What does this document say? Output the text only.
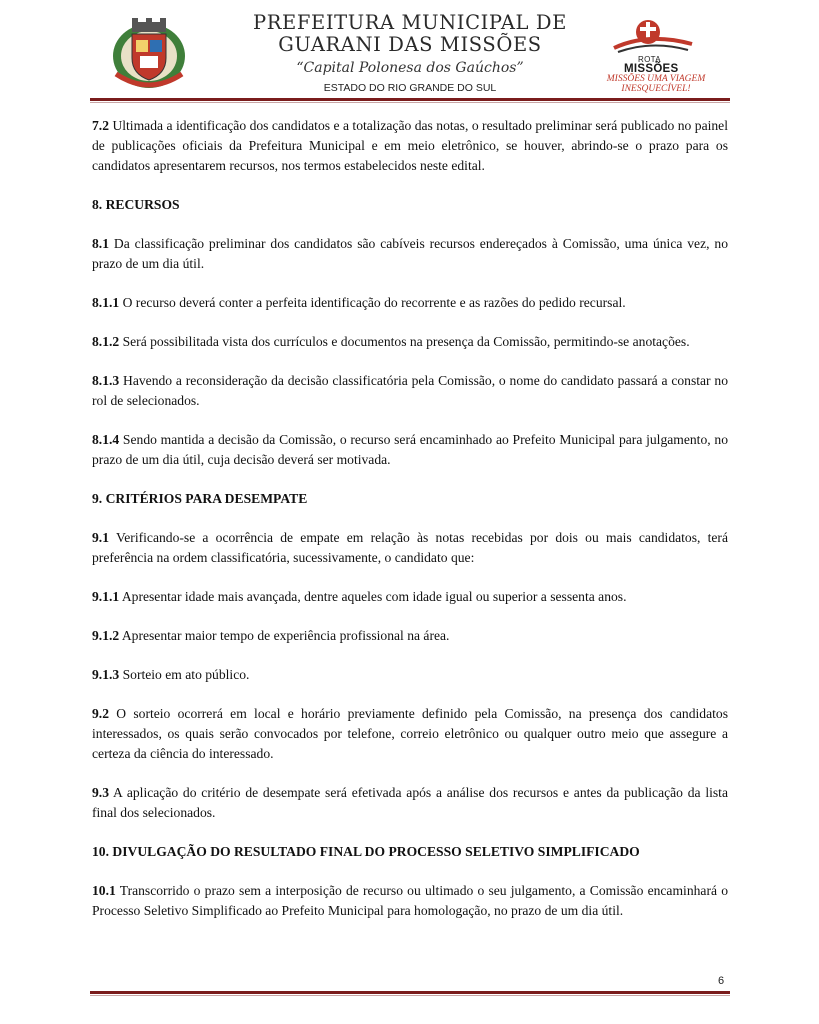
PREFEITURA MUNICIPAL DE
GUARANI DAS MISSÕES
“Capital Polonesa dos Gaúchos”
ESTADO DO RIO GRANDE DO SUL
ROTA
MISSÕES
MISSÕES UMA VIAGEM
INESQUECÍVEL!

7.2 Ultimada a identificação dos candidatos e a totalização das notas, o resultado preliminar será publicado no painel de publicações oficiais da Prefeitura Municipal e em meio eletrônico, se houver, abrindo-se o prazo para os candidatos apresentarem recursos, nos termos estabelecidos neste edital.

8. RECURSOS

8.1 Da classificação preliminar dos candidatos são cabíveis recursos endereçados à Comissão, uma única vez, no prazo de um dia útil.

8.1.1 O recurso deverá conter a perfeita identificação do recorrente e as razões do pedido recursal.

8.1.2 Será possibilitada vista dos currículos e documentos na presença da Comissão, permitindo-se anotações.

8.1.3 Havendo a reconsideração da decisão classificatória pela Comissão, o nome do candidato passará a constar no rol de selecionados.

8.1.4 Sendo mantida a decisão da Comissão, o recurso será encaminhado ao Prefeito Municipal para julgamento, no prazo de um dia útil, cuja decisão deverá ser motivada.

9. CRITÉRIOS PARA DESEMPATE

9.1 Verificando-se a ocorrência de empate em relação às notas recebidas por dois ou mais candidatos, terá preferência na ordem classificatória, sucessivamente, o candidato que:

9.1.1 Apresentar idade mais avançada, dentre aqueles com idade igual ou superior a sessenta anos.

9.1.2 Apresentar maior tempo de experiência profissional na área.

9.1.3 Sorteio em ato público.

9.2 O sorteio ocorrerá em local e horário previamente definido pela Comissão, na presença dos candidatos interessados, os quais serão convocados por telefone, correio eletrônico ou qualquer outro meio que assegure a certeza da ciência do interessado.

9.3 A aplicação do critério de desempate será efetivada após a análise dos recursos e antes da publicação da lista final dos selecionados.

10. DIVULGAÇÃO DO RESULTADO FINAL DO PROCESSO SELETIVO SIMPLIFICADO

10.1 Transcorrido o prazo sem a interposição de recurso ou ultimado o seu julgamento, a Comissão encaminhará o Processo Seletivo Simplificado ao Prefeito Municipal para homologação, no prazo de um dia útil.

6
